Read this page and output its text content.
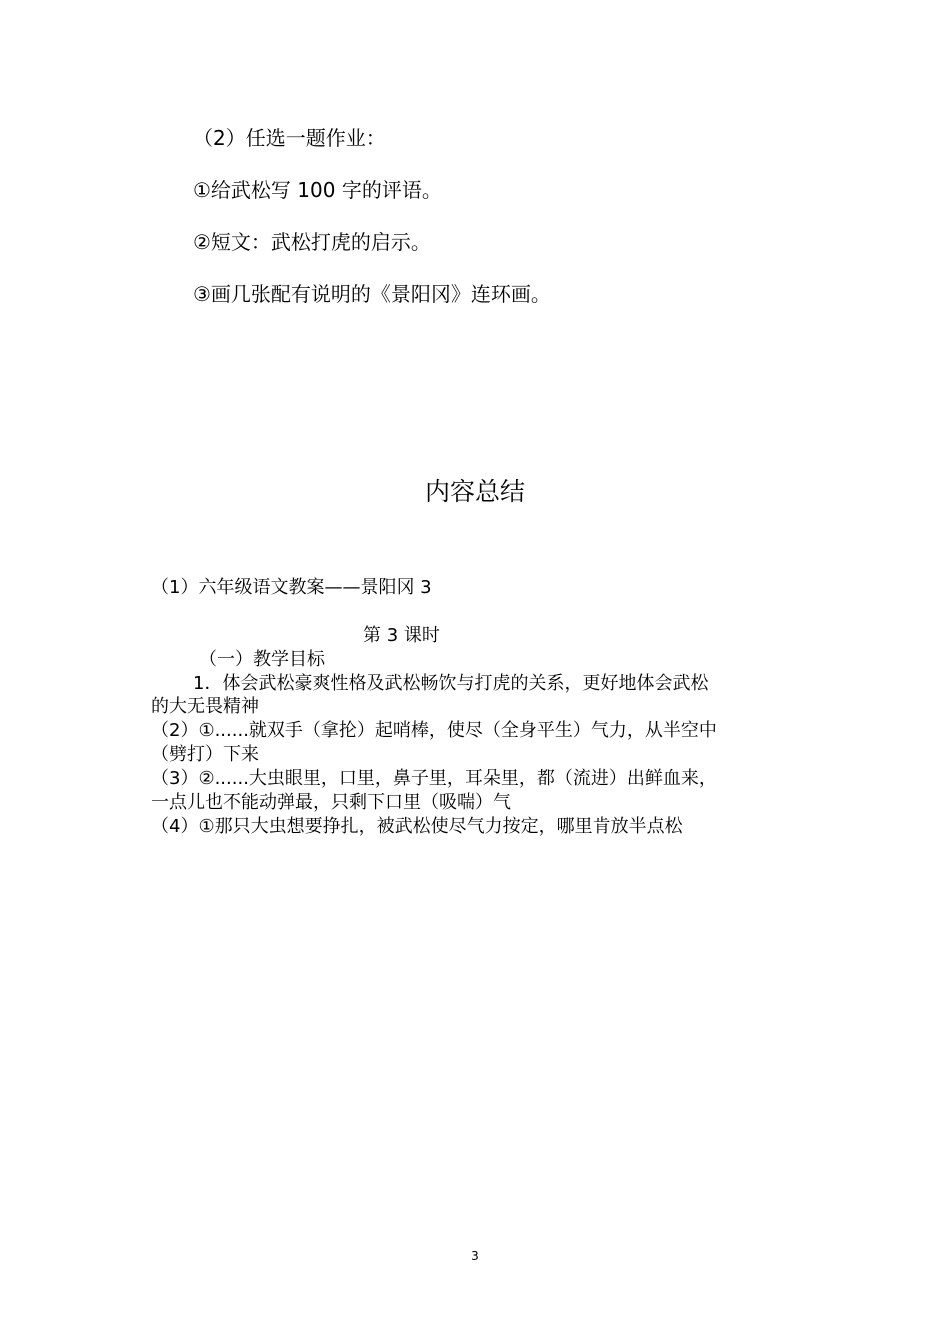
（2）任选一题作业：
①给武松写 100 字的评语。
②短文：武松打虎的启示。
③画几张配有说明的《景阳冈》连环画。
内容总结
（1）六年级语文教案——景阳冈 3
第 3 课时
（一）教学目标
1．体会武松豪爽性格及武松畅饮与打虎的关系，更好地体会武松
的大无畏精神
（2）①......就双手（拿抡）起哨棒，使尽（全身平生）气力，从半空中
（劈打）下来
（3）②......大虫眼里，口里，鼻子里，耳朵里，都（流进）出鲜血来，
一点儿也不能动弹最，只剩下口里（吸喘）气
（4）①那只大虫想要挣扎，被武松使尽气力按定，哪里肯放半点松
3
